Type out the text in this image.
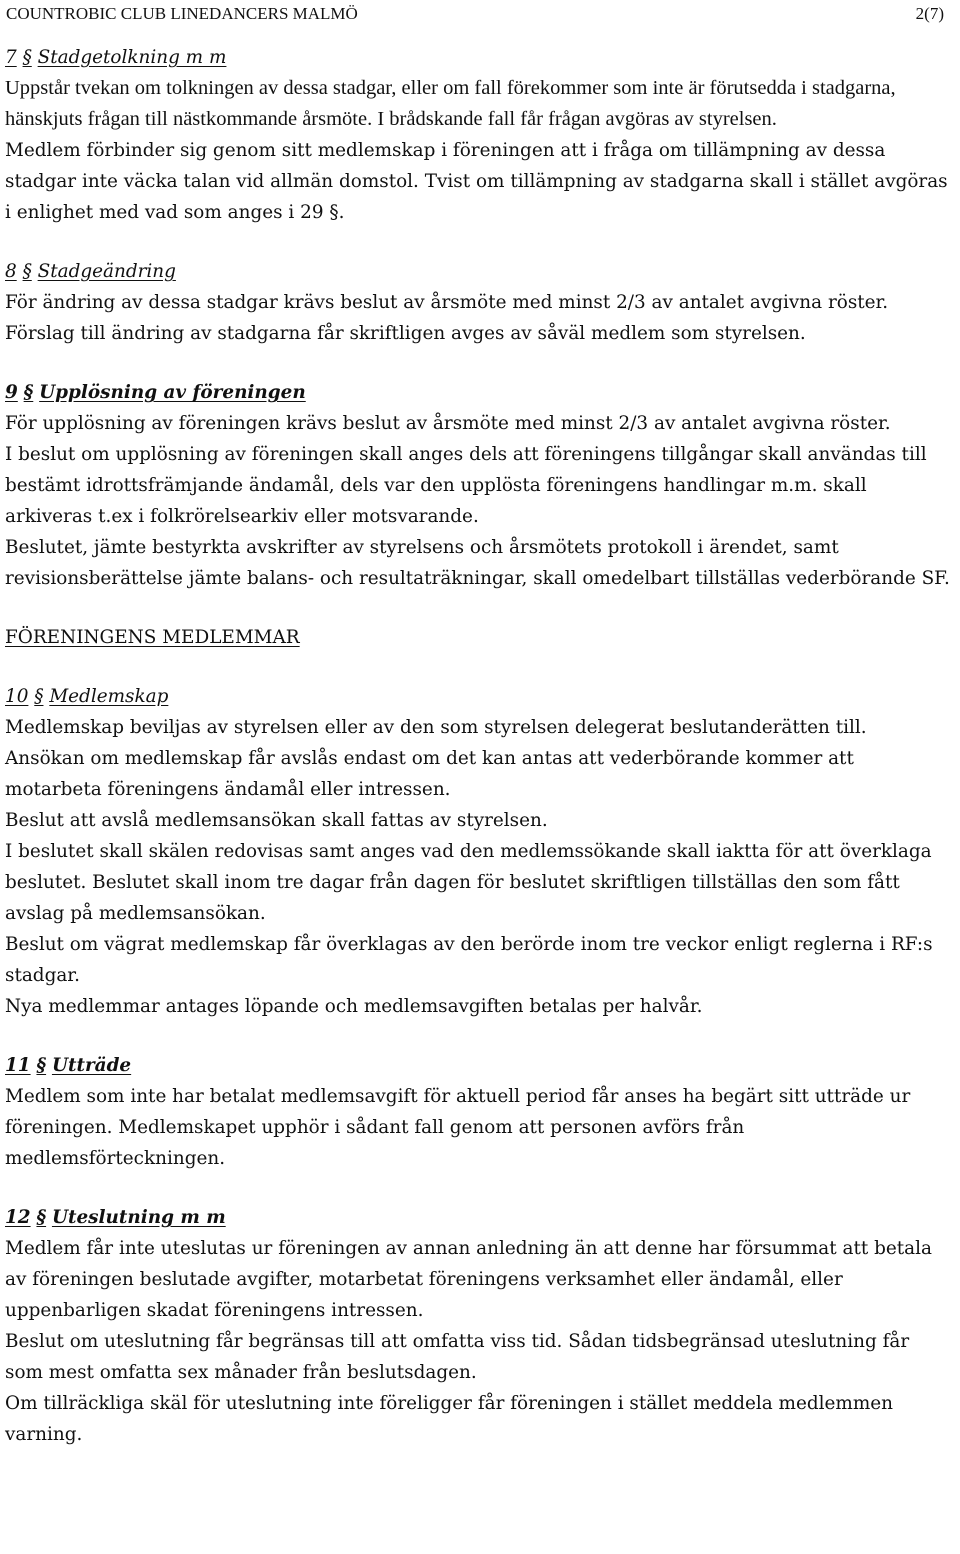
COUNTROBIC CLUB LINEDANCERS MALMÖ	2(7)
7 § Stadgetolkning m m

Uppstår tvekan om tolkningen av dessa stadgar, eller om fall förekommer som inte är förutsedda i stadgarna, hänskjuts frågan till nästkommande årsmöte. I brådskande fall får frågan avgöras av styrelsen.

Medlem förbinder sig genom sitt medlemskap i föreningen att i fråga om tillämpning av dessa stadgar inte väcka talan vid allmän domstol. Tvist om tillämpning av stadgarna skall i stället avgöras i enlighet med vad som anges i 29 §.

8 § Stadgeändring

För ändring av dessa stadgar krävs beslut av årsmöte med minst 2/3 av antalet avgivna röster.

Förslag till ändring av stadgarna får skriftligen avges av såväl medlem som styrelsen.

9 § Upplösning av föreningen

För upplösning av föreningen krävs beslut av årsmöte med minst 2/3 av antalet avgivna röster.

I beslut om upplösning av föreningen skall anges dels att föreningens tillgångar skall användas till bestämt idrottsfrämjande ändamål, dels var den upplösta föreningens handlingar m.m. skall arkiveras t.ex i folkrörelsearkiv eller motsvarande.

Beslutet, jämte bestyrkta avskrifter av styrelsens och årsmötets protokoll i ärendet, samt revisionsberättelse jämte balans- och resultaträkningar, skall omedelbart tillställas vederbörande SF.

FÖRENINGENS MEDLEMMAR
10 § Medlemskap

Medlemskap beviljas av styrelsen eller av den som styrelsen delegerat beslutanderätten till.

Ansökan om medlemskap får avslås endast om det kan antas att vederbörande kommer att motarbeta föreningens ändamål eller intressen.

Beslut att avslå medlemsansökan skall fattas av styrelsen.

I beslutet skall skälen redovisas samt anges vad den medlemssökande skall iaktta för att överklaga beslutet. Beslutet skall inom tre dagar från dagen för beslutet skriftligen tillställas den som fått avslag på medlemsansökan.

Beslut om vägrat medlemskap får överklagas av den berörde inom tre veckor enligt reglerna i RF:s stadgar.

Nya medlemmar antages löpande och medlemsavgiften betalas per halvår.

11 § Utträde

Medlem som inte har betalat medlemsavgift för aktuell period får anses ha begärt sitt utträde ur föreningen. Medlemskapet upphör i sådant fall genom att personen avförs från medlemsförteckningen.

12 § Uteslutning m m

Medlem får inte uteslutas ur föreningen av annan anledning än att denne har försummat att betala av föreningen beslutade avgifter, motarbetat föreningens verksamhet eller ändamål, eller uppenbarligen skadat föreningens intressen.

Beslut om uteslutning får begränsas till att omfatta viss tid. Sådan tidsbegränsad uteslutning får som mest omfatta sex månader från beslutsdagen.

Om tillräckliga skäl för uteslutning inte föreligger får föreningen i stället meddela medlemmen varning.
